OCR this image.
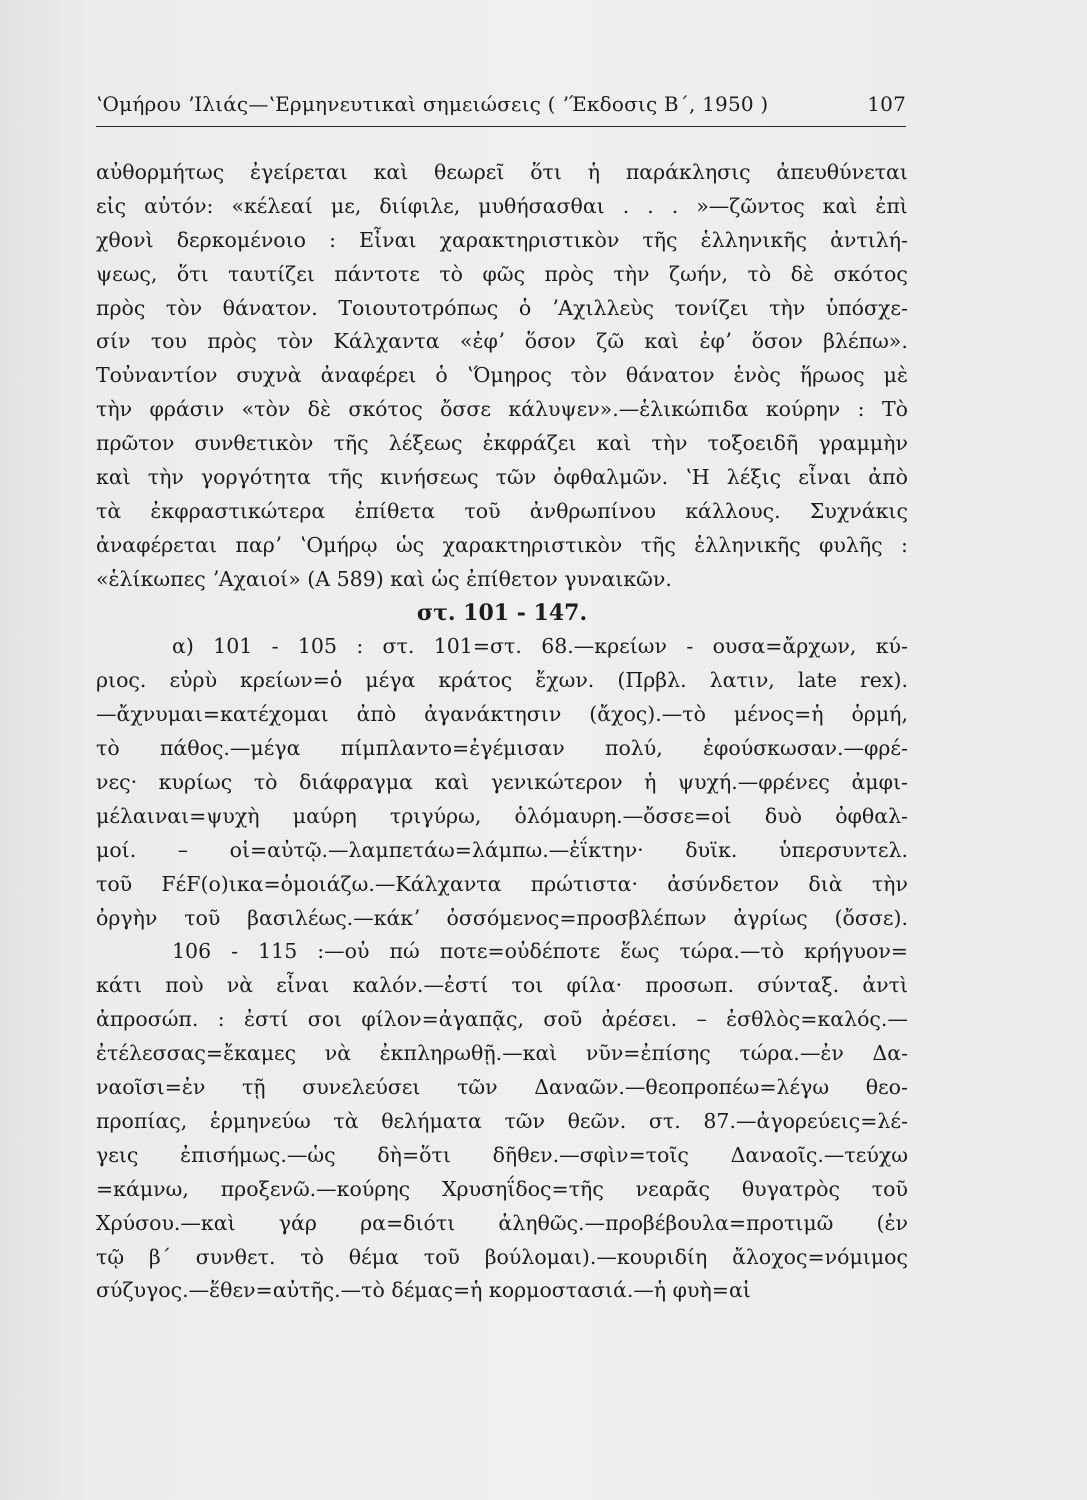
ʽΟμήρου ʼΙλιάς—ʽΕρμηνευτικαὶ σημειώσεις ( ʼΈκδοσις Β΄, 1950 )	107
αὐθορμήτως ἐγείρεται καὶ θεωρεῖ ὅτι ἡ παράκλησις ἀπευθύνεται
εἰς αὐτόν: «κέλεαί με, διίφιλε, μυθήσασθαι . . . »—ζῶντος καὶ ἐπὶ
χθονὶ δερκομένοιο : Εἶναι χαρακτηριστικὸν τῆς ἑλληνικῆς ἀντιλή-
ψεως, ὅτι ταυτίζει πάντοτε τὸ φῶς πρὸς τὴν ζωήν, τὸ δὲ σκότος
πρὸς τὸν θάνατον. Τοιουτοτρόπως ὁ ʼΑχιλλεὺς τονίζει τὴν ὑπόσχε-
σίν του πρὸς τὸν Κάλχαντα «ἐφʼ ὅσον ζῶ καὶ ἐφʼ ὅσον βλέπω».
Τοὐναντίον συχνὰ ἀναφέρει ὁ ʽΌμηρος τὸν θάνατον ἑνὸς ἥρωος μὲ
τὴν φράσιν «τὸν δὲ σκότος ὄσσε κάλυψεν».—ἑλικώπιδα κούρην : Τὸ
πρῶτον συνθετικὸν τῆς λέξεως ἐκφράζει καὶ τὴν τοξοειδῆ γραμμὴν
καὶ τὴν γοργότητα τῆς κινήσεως τῶν ὀφθαλμῶν. ʽΗ λέξις εἶναι ἀπὸ
τὰ ἐκφραστικώτερα ἐπίθετα τοῦ ἀνθρωπίνου κάλλους. Συχνάκις
ἀναφέρεται παρʼ ʽΟμήρῳ ὡς χαρακτηριστικὸν τῆς ἑλληνικῆς φυλῆς :
«ἑλίκωπες ʼΑχαιοί» (Α 589) καὶ ὡς ἐπίθετον γυναικῶν.
στ. 101 - 147.
α) 101 - 105 : στ. 101=στ. 68.—κρείων - ουσα=ἄρχων, κύ-
ριος. εὐρὺ κρείων=ὁ μέγα κράτος ἔχων. (Πρβλ. λατιν, late rex).
—ἄχνυμαι=κατέχομαι ἀπὸ ἀγανάκτησιν (ἄχος).—τὸ μένος=ἡ ὁρμή,
τὸ πάθος.—μέγα πίμπλαντο=ἐγέμισαν πολύ, ἐφούσκωσαν.—φρέ-
νες· κυρίως τὸ διάφραγμα καὶ γενικώτερον ἡ ψυχή.—φρένες ἀμφι-
μέλαιναι=ψυχὴ μαύρη τριγύρω, ὁλόμαυρη.—ὄσσε=οἱ δυὸ ὀφθαλ-
μοί. – οἱ=αὐτῷ.—λαμπετάω=λάμπω.—ἐΐκτην· δυϊκ. ὑπερσυντελ.
τοῦ FέF(ο)ικα=ὁμοιάζω.—Κάλχαντα πρώτιστα· ἀσύνδετον διὰ τὴν
ὀργὴν τοῦ βασιλέως.—κάκʼ ὀσσόμενος=προσβλέπων ἀγρίως (ὄσσε).
106 - 115 :—οὐ πώ ποτε=οὐδέποτε ἕως τώρα.—τὸ κρήγυον=
κάτι ποὺ νὰ εἶναι καλόν.—ἐστί τοι φίλα· προσωπ. σύνταξ. ἀντὶ
ἀπροσώπ. : ἐστί σοι φίλον=ἀγαπᾷς, σοῦ ἀρέσει. – ἐσθλὸς=καλός.—
ἐτέλεσσας=ἔκαμες νὰ ἐκπληρωθῇ.—καὶ νῦν=ἐπίσης τώρα.—ἐν Δα-
ναοῖσι=ἐν τῇ συνελεύσει τῶν Δαναῶν.—θεοπροπέω=λέγω θεο-
προπίας, ἑρμηνεύω τὰ θελήματα τῶν θεῶν. στ. 87.—ἀγορεύεις=λέ-
γεις ἐπισήμως.—ὡς δὴ=ὅτι δῆθεν.—σφὶν=τοῖς Δαναοῖς.—τεύχω
=κάμνω, προξενῶ.—κούρης Χρυσηΐδος=τῆς νεαρᾶς θυγατρὸς τοῦ
Χρύσου.—καὶ γάρ ρα=διότι ἀληθῶς.—προβέβουλα=προτιμῶ (ἐν
τῷ β΄ συνθετ. τὸ θέμα τοῦ βούλομαι).—κουριδίη ἄλοχος=νόμιμος
σύζυγος.—ἕθεν=αὐτῆς.—τὸ δέμας=ἡ κορμοστασιά.—ἡ φυὴ=αἱ
